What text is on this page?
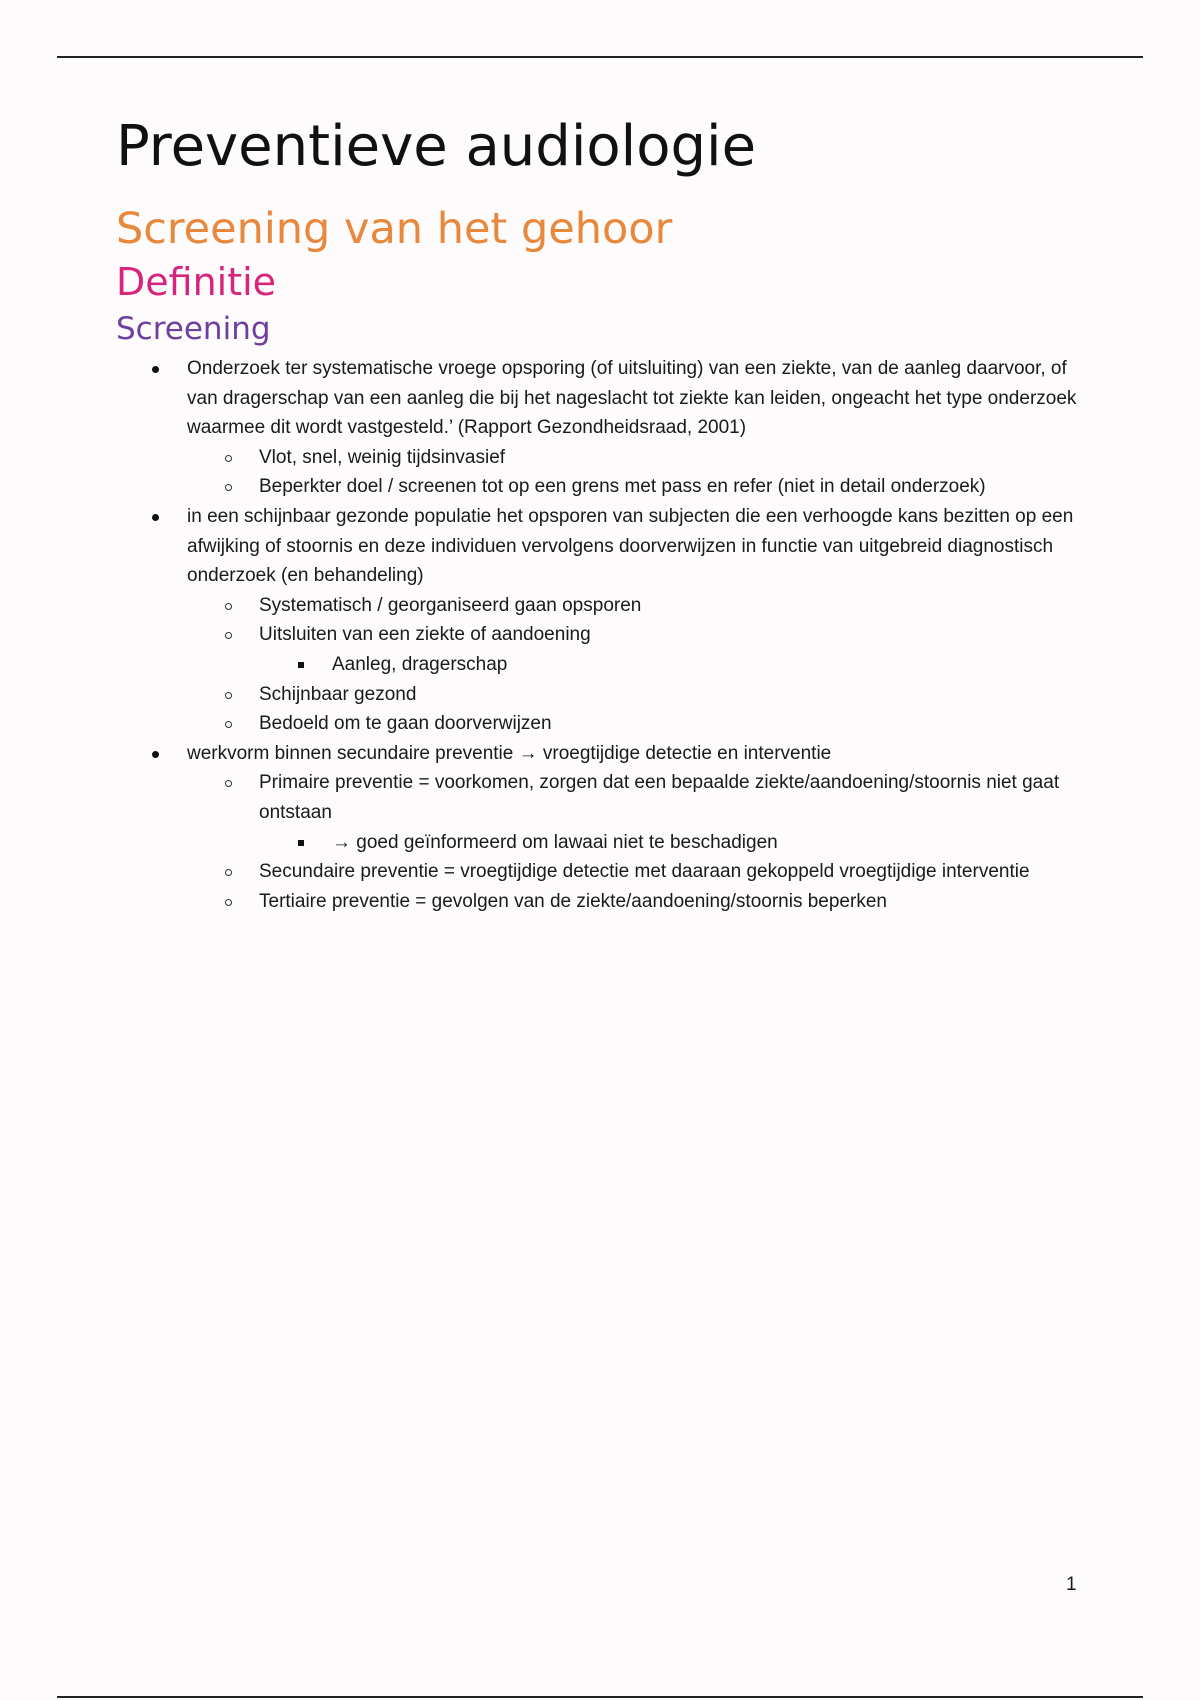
Preventieve audiologie
Screening van het gehoor
Definitie
Screening
Onderzoek ter systematische vroege opsporing (of uitsluiting) van een ziekte, van de aanleg daarvoor, of van dragerschap van een aanleg die bij het nageslacht tot ziekte kan leiden, ongeacht het type onderzoek waarmee dit wordt vastgesteld.’ (Rapport Gezondheidsraad, 2001)
Vlot, snel, weinig tijdsinvasief
Beperkter doel / screenen tot op een grens met pass en refer (niet in detail onderzoek)
in een schijnbaar gezonde populatie het opsporen van subjecten die een verhoogde kans bezitten op een afwijking of stoornis en deze individuen vervolgens doorverwijzen in functie van uitgebreid diagnostisch onderzoek (en behandeling)
Systematisch / georganiseerd gaan opsporen
Uitsluiten van een ziekte of aandoening
Aanleg, dragerschap
Schijnbaar gezond
Bedoeld om te gaan doorverwijzen
werkvorm binnen secundaire preventie → vroegtijdige detectie en interventie
Primaire preventie = voorkomen, zorgen dat een bepaalde ziekte/aandoening/stoornis niet gaat ontstaan
→ goed geïnformeerd om lawaai niet te beschadigen
Secundaire preventie = vroegtijdige detectie met daaraan gekoppeld vroegtijdige interventie
Tertiaire preventie = gevolgen van de ziekte/aandoening/stoornis beperken
1
